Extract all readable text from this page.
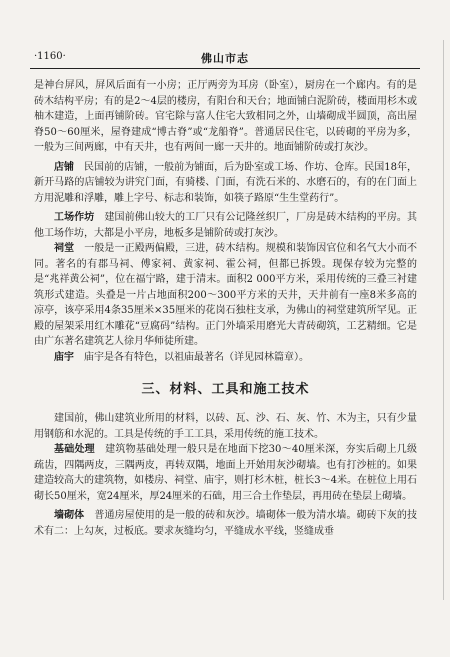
·1160·	佛山市志

是神台屏风，屏风后面有一小房；正厅两旁为耳房（卧室），厨房在一个廊内。有的是砖木结构平房；有的是2～4层的楼房，有阳台和天台；地面铺白泥阶砖，楼面用杉木或柚木建造，上面再铺阶砖。官宅除与富人住宅大致相同之外，山墙砌成半圆顶，高出屋脊50～60厘米，屋脊建成“博古脊”或“龙船脊”。普通居民住宅，以砖砌的平房为多，一般为三间两廊，中有天井，也有两间一廊一天井的。地面铺阶砖或打灰沙。

店铺　 民国前的店铺，一般前为铺面，后为卧室或工场、作坊、仓库。民国18年，新开马路的店铺较为讲究门面，有骑楼、门面，有洗石米的、水磨石的，有的在门面上方用泥雕和浮雕，雕上字号、标志和装饰，如筷子路原“生生堂药行”。

工场作坊　 建国前佛山较大的工厂只有公记隆丝织厂，厂房是砖木结构的平房。其他工场作坊，大都是小平房，地板多是铺阶砖或打灰沙。

祠堂　 一般是一正殿两偏殿，三进，砖木结构。规模和装饰因官位和名气大小而不同。著名的有郡马祠、傅家祠、黄家祠、霍公祠，但都已拆毁。现保存较为完整的是“兆祥黄公祠”，位在福宁路，建于清末。面积2 000平方米，采用传统的三叠三衬建筑形式建造。头叠是一片占地面积200～300平方米的天井，天井前有一座8米多高的凉亭，该亭采用4条35厘米×35厘米的花岗石独柱支承，为佛山的祠堂建筑所罕见。正殿的屋架采用红木雕花“豆腐码”结构。正门外墙采用磨光大青砖砌筑，工艺精细。它是由广东著名建筑艺人徐月华师徒所建。

庙宇　 庙宇是各有特色，以祖庙最著名（详见园林篇章）。

三、材料、工具和施工技术

建国前，佛山建筑业所用的材料，以砖、瓦、沙、石、灰、竹、木为主，只有少量用钢筋和水泥的。工具是传统的手工工具，采用传统的施工技术。

基础处理　 建筑物基础处理一般只是在地面下挖30～40厘米深，夯实后砌上几级疏齿，四隅两皮，三隅两皮，再转双隅，地面上开始用灰沙砌墙。也有打沙桩的。如果建造较高大的建筑物，如楼房、祠堂、庙宇，则打杉木桩，桩长3～4米。在桩位上用石砌长50厘米，宽24厘米，厚24厘米的石础，用三合土作垫层，再用砖在垫层上砌墙。

墙砌体　 普通房屋使用的是一般的砖和灰沙。墙砌体一般为清水墙。砌砖下灰的技术有二：上勾灰，过板底。要求灰缝均匀，平缝成水平线，竖缝成垂
